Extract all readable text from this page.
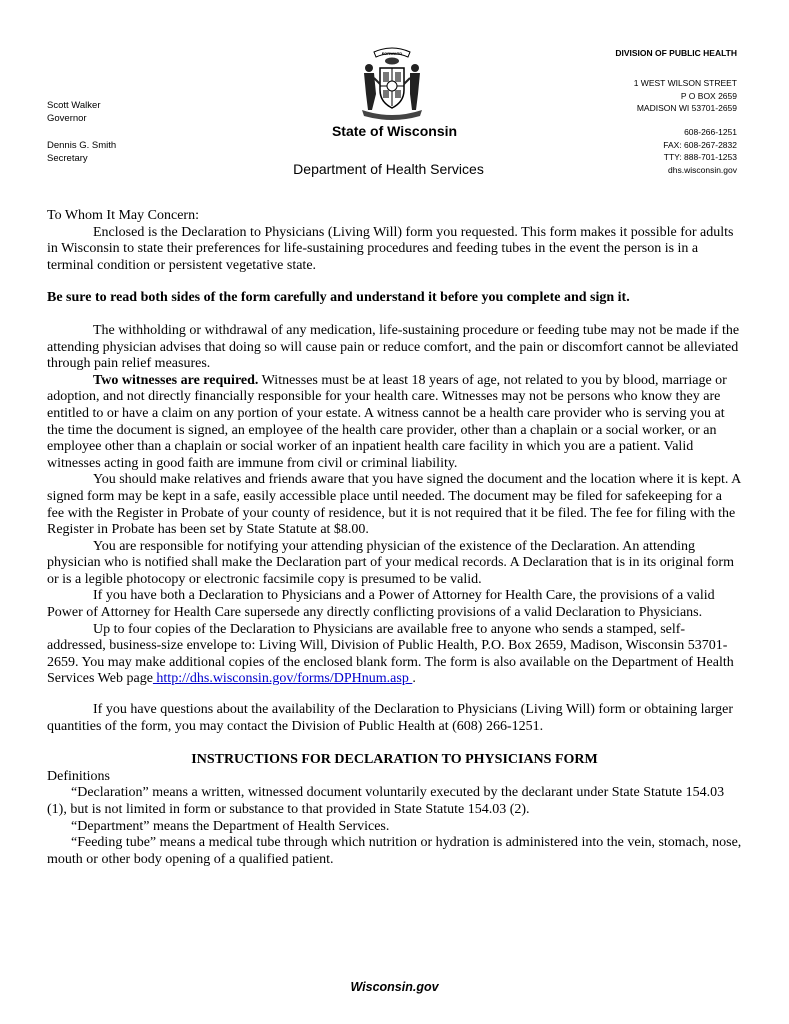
DIVISION OF PUBLIC HEALTH
1 WEST WILSON STREET
P O BOX 2659
MADISON WI 53701-2659
608-266-1251
FAX: 608-267-2832
TTY: 888-701-1253
dhs.wisconsin.gov
Scott Walker
Governor
Dennis G. Smith
Secretary
FORWARD
State of Wisconsin
Department of Health Services

To Whom It May Concern:

Enclosed is the Declaration to Physicians (Living Will) form you requested. This form makes it possible for adults in Wisconsin to state their preferences for life-sustaining procedures and feeding tubes in the event the person is in a terminal condition or persistent vegetative state.

Be sure to read both sides of the form carefully and understand it before you complete and sign it.

The withholding or withdrawal of any medication, life-sustaining procedure or feeding tube may not be made if the attending physician advises that doing so will cause pain or reduce comfort, and the pain or discomfort cannot be alleviated through pain relief measures.

Two witnesses are required. Witnesses must be at least 18 years of age, not related to you by blood, marriage or adoption, and not directly financially responsible for your health care. Witnesses may not be persons who know they are entitled to or have a claim on any portion of your estate. A witness cannot be a health care provider who is serving you at the time the document is signed, an employee of the health care provider, other than a chaplain or a social worker, or an employee other than a chaplain or social worker of an inpatient health care facility in which you are a patient. Valid witnesses acting in good faith are immune from civil or criminal liability.

You should make relatives and friends aware that you have signed the document and the location where it is kept. A signed form may be kept in a safe, easily accessible place until needed. The document may be filed for safekeeping for a fee with the Register in Probate of your county of residence, but it is not required that it be filed. The fee for filing with the Register in Probate has been set by State Statute at $8.00.

You are responsible for notifying your attending physician of the existence of the Declaration. An attending physician who is notified shall make the Declaration part of your medical records. A Declaration that is in its original form or is a legible photocopy or electronic facsimile copy is presumed to be valid.

If you have both a Declaration to Physicians and a Power of Attorney for Health Care, the provisions of a valid Power of Attorney for Health Care supersede any directly conflicting provisions of a valid Declaration to Physicians.

Up to four copies of the Declaration to Physicians are available free to anyone who sends a stamped, self-addressed, business-size envelope to: Living Will, Division of Public Health, P.O. Box 2659, Madison, Wisconsin 53701-2659. You may make additional copies of the enclosed blank form. The form is also available on the Department of Health Services Web page http://dhs.wisconsin.gov/forms/DPHnum.asp .

If you have questions about the availability of the Declaration to Physicians (Living Will) form or obtaining larger quantities of the form, you may contact the Division of Public Health at (608) 266-1251.

INSTRUCTIONS FOR DECLARATION TO PHYSICIANS FORM

Definitions

“Declaration” means a written, witnessed document voluntarily executed by the declarant under State Statute 154.03 (1), but is not limited in form or substance to that provided in State Statute 154.03 (2).

“Department” means the Department of Health Services.

“Feeding tube” means a medical tube through which nutrition or hydration is administered into the vein, stomach, nose, mouth or other body opening of a qualified patient.

Wisconsin.gov
